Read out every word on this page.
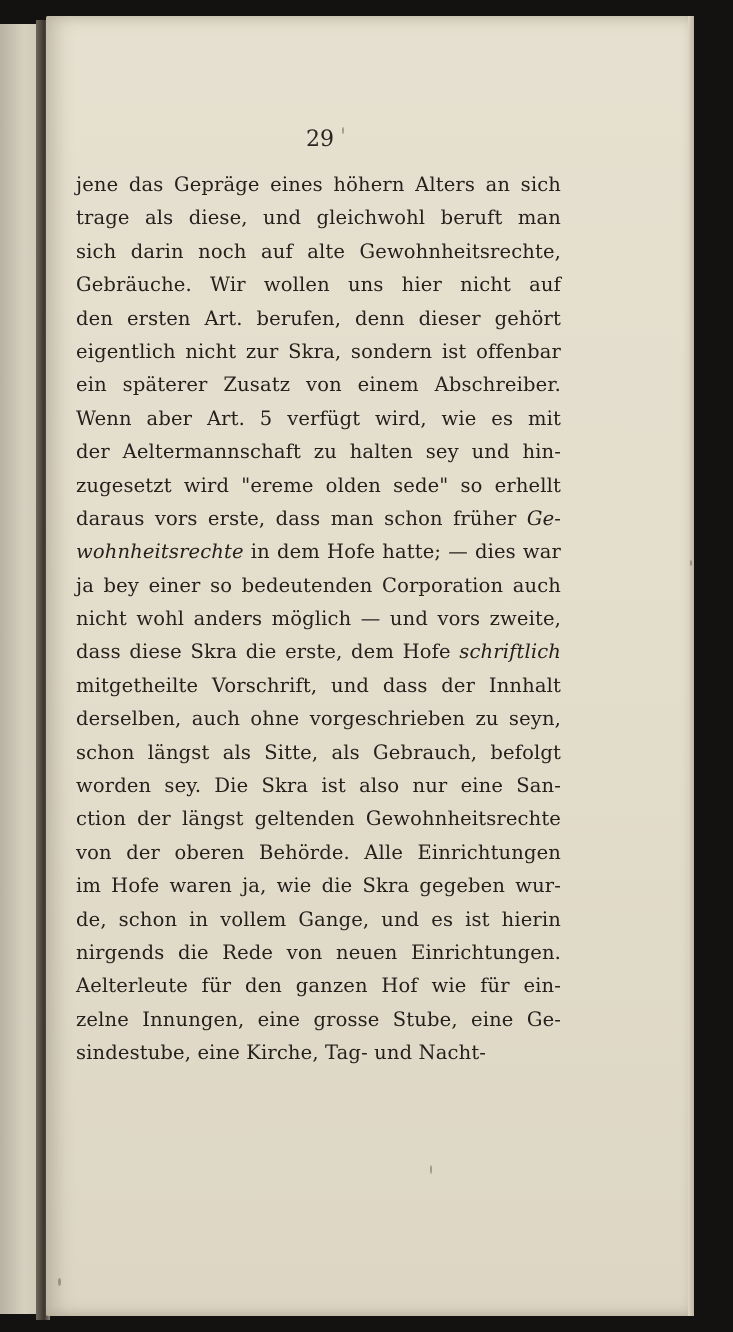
29
jene das Gepräge eines höhern Alters an sich
trage als diese, und gleichwohl beruft man
sich darin noch auf alte Gewohnheitsrechte,
Gebräuche. Wir wollen uns hier nicht auf
den ersten Art. berufen, denn dieser gehört
eigentlich nicht zur Skra, sondern ist offenbar
ein späterer Zusatz von einem Abschreiber.
Wenn aber Art. 5 verfügt wird, wie es mit
der Aeltermannschaft zu halten sey und hin-
zugesetzt wird "ereme olden sede" so erhellt
daraus vors erste, dass man schon früher Ge-
wohnheitsrechte in dem Hofe hatte; — dies war
ja bey einer so bedeutenden Corporation auch
nicht wohl anders möglich — und vors zweite,
dass diese Skra die erste, dem Hofe schriftlich
mitgetheilte Vorschrift, und dass der Innhalt
derselben, auch ohne vorgeschrieben zu seyn,
schon längst als Sitte, als Gebrauch, befolgt
worden sey. Die Skra ist also nur eine San-
ction der längst geltenden Gewohnheitsrechte
von der oberen Behörde. Alle Einrichtungen
im Hofe waren ja, wie die Skra gegeben wur-
de, schon in vollem Gange, und es ist hierin
nirgends die Rede von neuen Einrichtungen.
Aelterleute für den ganzen Hof wie für ein-
zelne Innungen, eine grosse Stube, eine Ge-
sindestube, eine Kirche, Tag- und Nacht-
